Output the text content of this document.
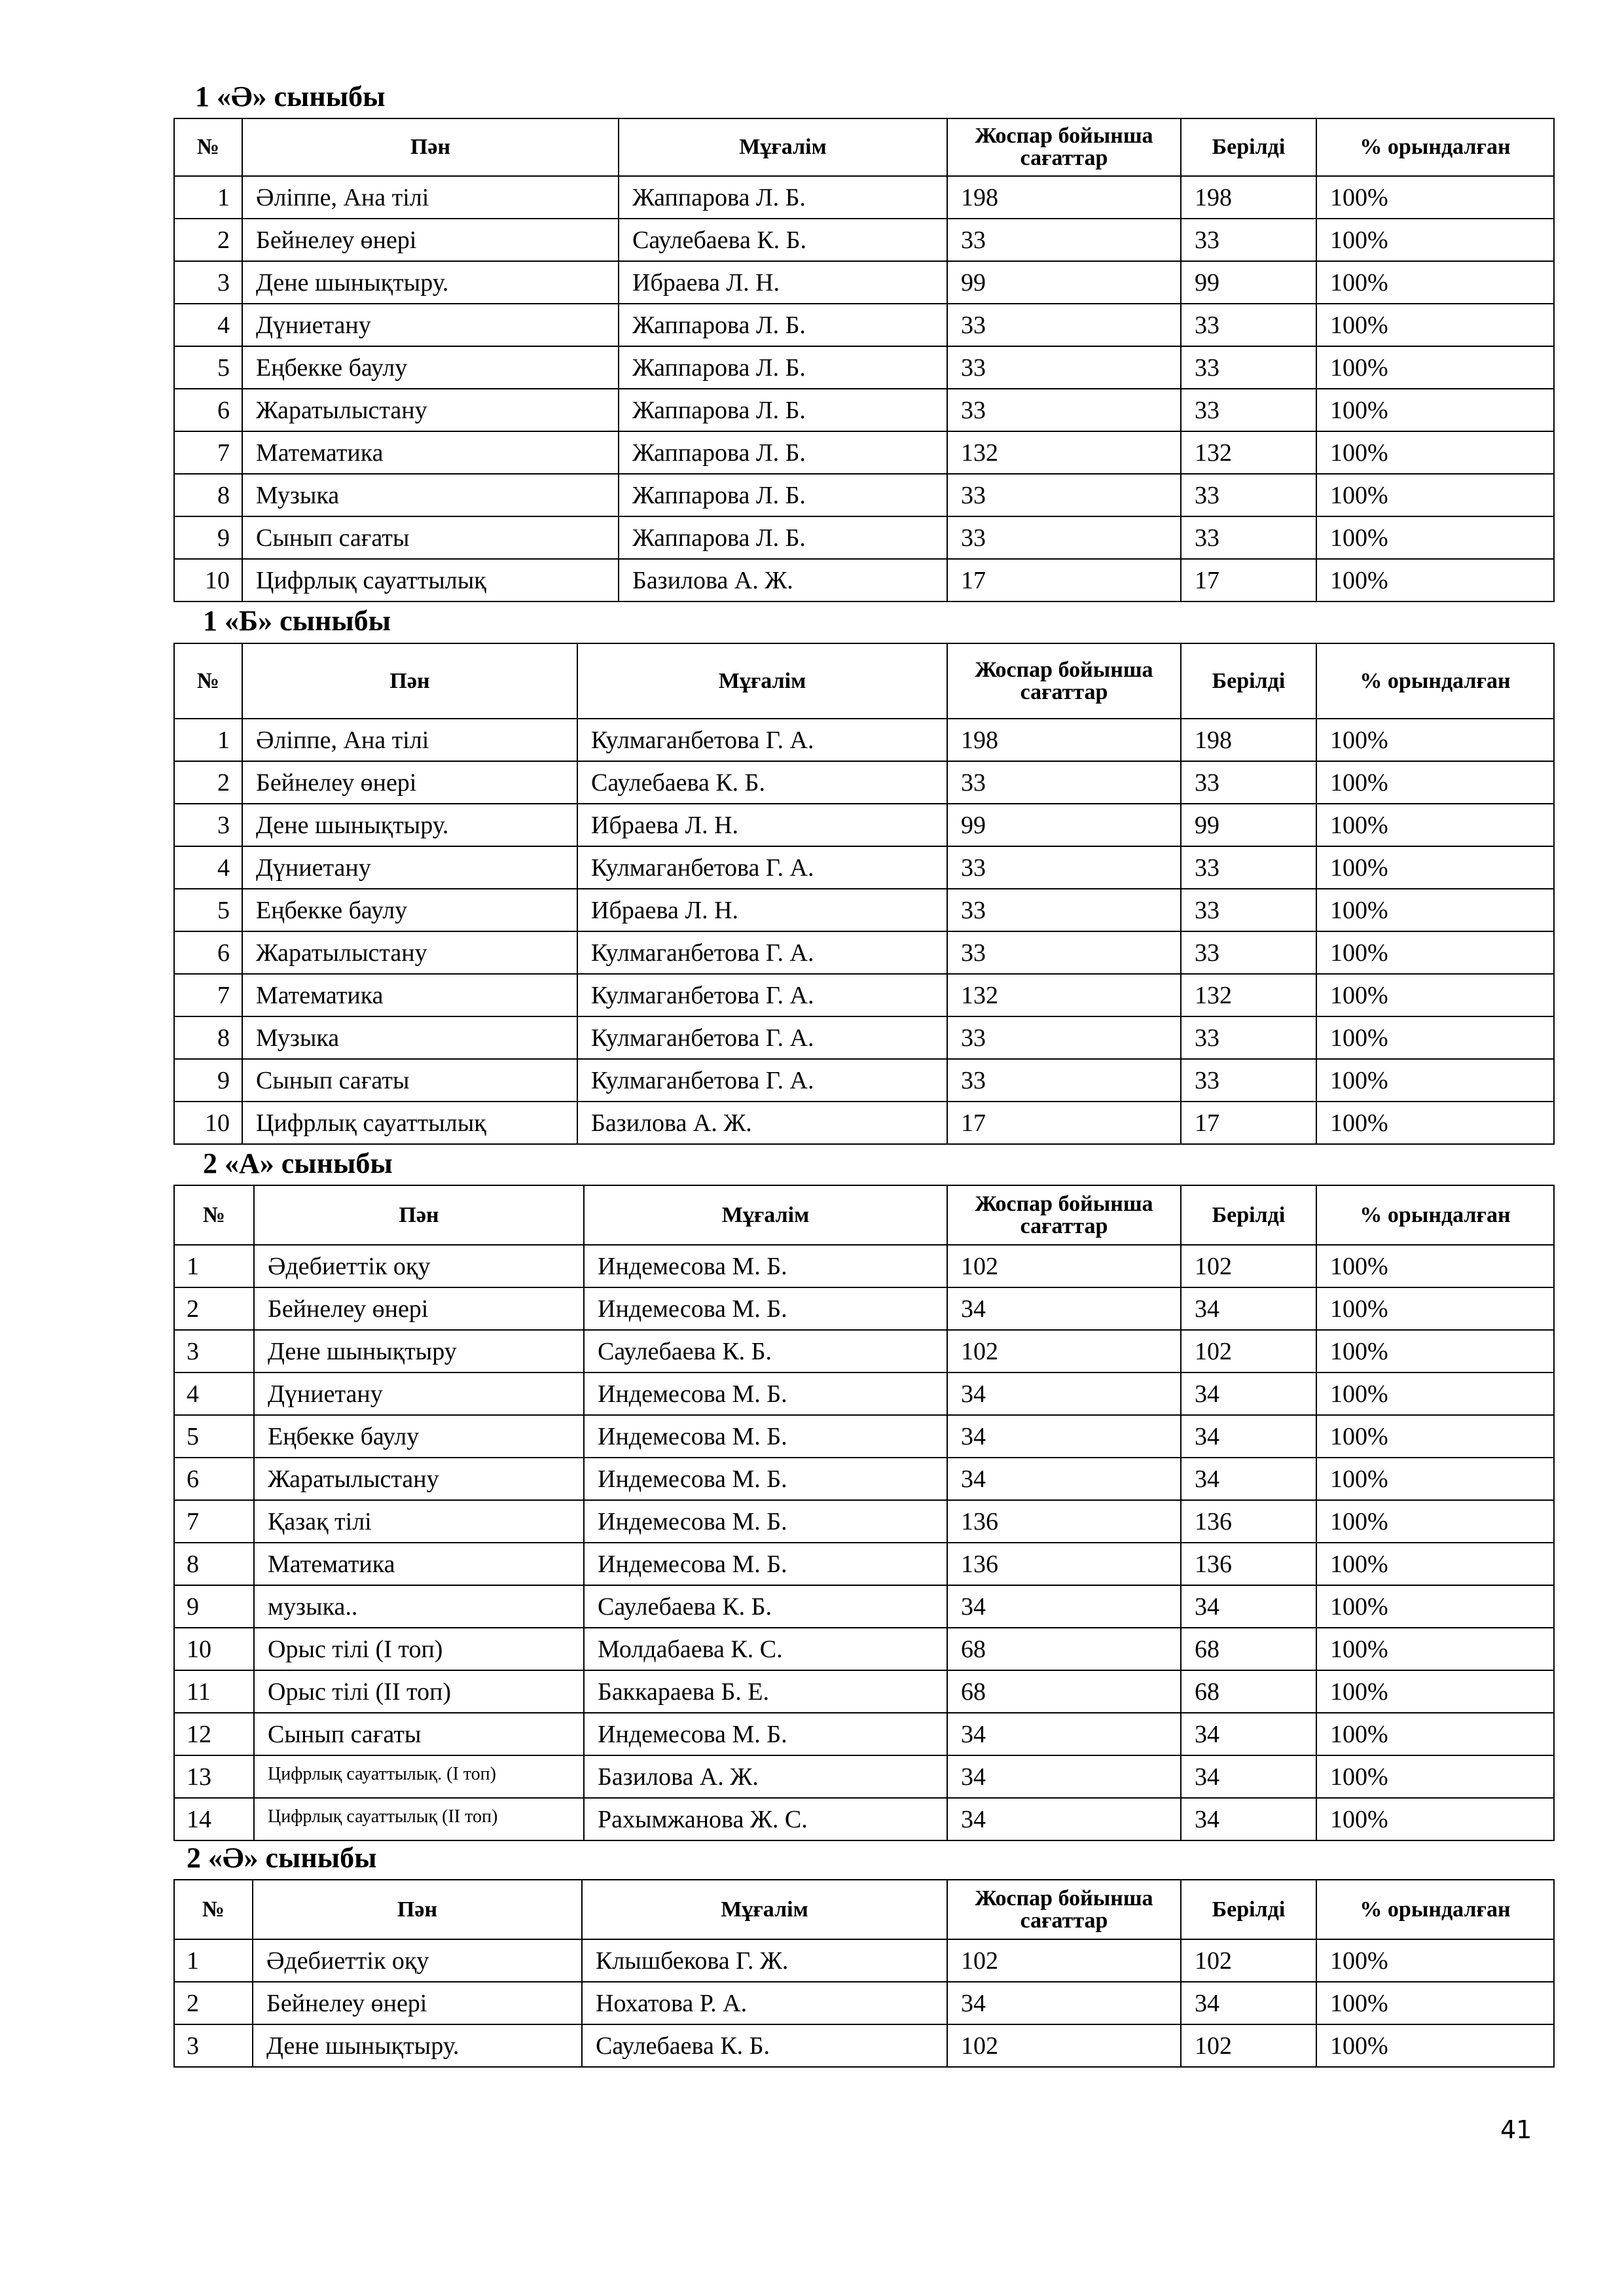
1 «Ә» сыныбы
№	Пән	Мұғалім	Жоспар бойынша сағаттар	Берілді	% орындалған
1	Әліппе, Ана тілі	Жаппарова Л. Б.	198	198	100%
2	Бейнелеу өнері	Саулебаева К. Б.	33	33	100%
3	Дене шынықтыру.	Ибраева Л. Н.	99	99	100%
4	Дүниетану	Жаппарова Л. Б.	33	33	100%
5	Еңбекке баулу	Жаппарова Л. Б.	33	33	100%
6	Жаратылыстану	Жаппарова Л. Б.	33	33	100%
7	Математика	Жаппарова Л. Б.	132	132	100%
8	Музыка	Жаппарова Л. Б.	33	33	100%
9	Сынып сағаты	Жаппарова Л. Б.	33	33	100%
10	Цифрлық сауаттылық	Базилова А. Ж.	17	17	100%
1 «Б» сыныбы
№	Пән	Мұғалім	Жоспар бойынша сағаттар	Берілді	% орындалған
1	Әліппе, Ана тілі	Кулмаганбетова Г. А.	198	198	100%
2	Бейнелеу өнері	Саулебаева К. Б.	33	33	100%
3	Дене шынықтыру.	Ибраева Л. Н.	99	99	100%
4	Дүниетану	Кулмаганбетова Г. А.	33	33	100%
5	Еңбекке баулу	Ибраева Л. Н.	33	33	100%
6	Жаратылыстану	Кулмаганбетова Г. А.	33	33	100%
7	Математика	Кулмаганбетова Г. А.	132	132	100%
8	Музыка	Кулмаганбетова Г. А.	33	33	100%
9	Сынып сағаты	Кулмаганбетова Г. А.	33	33	100%
10	Цифрлық сауаттылық	Базилова А. Ж.	17	17	100%
2 «А» сыныбы
№	Пән	Мұғалім	Жоспар бойынша сағаттар	Берілді	% орындалған
1	Әдебиеттік оқу	Индемесова М. Б.	102	102	100%
2	Бейнелеу өнері	Индемесова М. Б.	34	34	100%
3	Дене шынықтыру	Саулебаева К. Б.	102	102	100%
4	Дүниетану	Индемесова М. Б.	34	34	100%
5	Еңбекке баулу	Индемесова М. Б.	34	34	100%
6	Жаратылыстану	Индемесова М. Б.	34	34	100%
7	Қазақ тілі	Индемесова М. Б.	136	136	100%
8	Математика	Индемесова М. Б.	136	136	100%
9	музыка..	Саулебаева К. Б.	34	34	100%
10	Орыс тілі (І топ)	Молдабаева К. С.	68	68	100%
11	Орыс тілі (ІІ топ)	Баккараева Б. Е.	68	68	100%
12	Сынып сағаты	Индемесова М. Б.	34	34	100%
13	Цифрлық сауаттылық. (І топ)	Базилова А. Ж.	34	34	100%
14	Цифрлық сауаттылық (ІІ топ)	Рахымжанова Ж. С.	34	34	100%
2 «Ә» сыныбы
№	Пән	Мұғалім	Жоспар бойынша сағаттар	Берілді	% орындалған
1	Әдебиеттік оқу	Клышбекова Г. Ж.	102	102	100%
2	Бейнелеу өнері	Нохатова Р. А.	34	34	100%
3	Дене шынықтыру.	Саулебаева К. Б.	102	102	100%
41
